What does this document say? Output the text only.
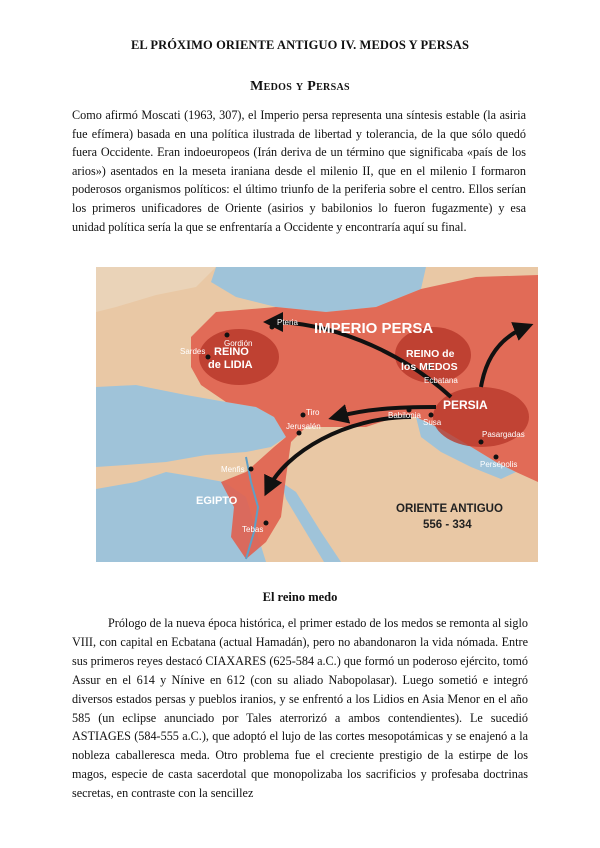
EL PRÓXIMO ORIENTE ANTIGUO IV. MEDOS Y PERSAS
Medos y Persas
Como afirmó Moscati (1963, 307), el Imperio persa representa una síntesis estable (la asiria fue efímera) basada en una política ilustrada de libertad y tolerancia, de la que sólo quedó fuera Occidente. Eran indoeuropeos (Irán deriva de un término que significaba «país de los arios») asentados en la meseta iraniana desde el milenio II, que en el milenio I formaron poderosos organismos políticos: el último triunfo de la periferia sobre el centro. Ellos serían los primeros unificadores de Oriente (asirios y babilonios lo fueron fugazmente) y esa unidad política sería la que se enfrentaría a Occidente y encontraría aquí su final.
IMPERIO PERSA
REINO
de LIDIA
REINO de
los MEDOS
PERSIA
EGIPTO
ORIENTE ANTIGUO
556 - 334
Gordión
Pteria
Sardes
Ecbatana
Tiro
Jerusalén
Babilonia
Susa
Pasargadas
Persépolis
Menfis
Tebas
El reino medo
Prólogo de la nueva época histórica, el primer estado de los medos se remonta al siglo VIII, con capital en Ecbatana (actual Hamadán), pero no abandonaron la vida nómada. Entre sus primeros reyes destacó CIAXARES (625-584 a.C.) que formó un poderoso ejército, tomó Assur en el 614 y Nínive en 612 (con su aliado Nabopolasar). Luego sometió e integró diversos estados persas y pueblos iranios, y se enfrentó a los Lidios en Asia Menor en el año 585 (un eclipse anunciado por Tales aterrorizó a ambos contendientes). Le sucedió ASTIAGES (584-555 a.C.), que adoptó el lujo de las cortes mesopotámicas y se enajenó a la nobleza caballeresca meda. Otro problema fue el creciente prestigio de la estirpe de los magos, especie de casta sacerdotal que monopolizaba los sacrificios y profesaba doctrinas secretas, en contraste con la sencillez
